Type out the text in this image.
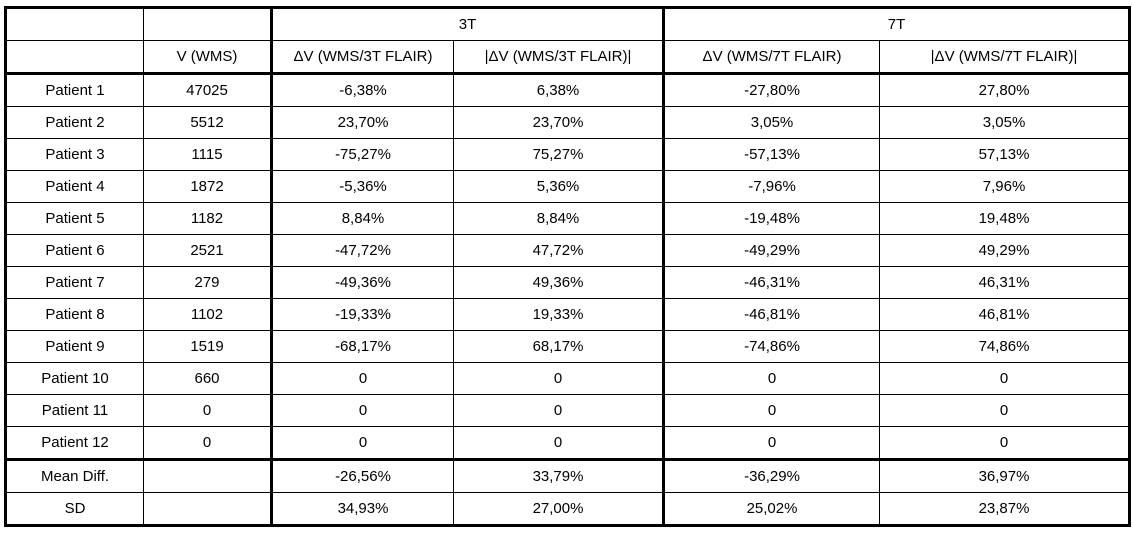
		3T		7T	
	V (WMS)	ΔV (WMS/3T FLAIR)	|ΔV (WMS/3T FLAIR)|	ΔV (WMS/7T FLAIR)	|ΔV (WMS/7T FLAIR)|
Patient 1	47025	-6,38%	6,38%	-27,80%	27,80%
Patient 2	5512	23,70%	23,70%	3,05%	3,05%
Patient 3	1115	-75,27%	75,27%	-57,13%	57,13%
Patient 4	1872	-5,36%	5,36%	-7,96%	7,96%
Patient 5	1182	8,84%	8,84%	-19,48%	19,48%
Patient 6	2521	-47,72%	47,72%	-49,29%	49,29%
Patient 7	279	-49,36%	49,36%	-46,31%	46,31%
Patient 8	1102	-19,33%	19,33%	-46,81%	46,81%
Patient 9	1519	-68,17%	68,17%	-74,86%	74,86%
Patient 10	660	0	0	0	0
Patient 11	0	0	0	0	0
Patient 12	0	0	0	0	0
Mean Diff.		-26,56%	33,79%	-36,29%	36,97%
SD		34,93%	27,00%	25,02%	23,87%
